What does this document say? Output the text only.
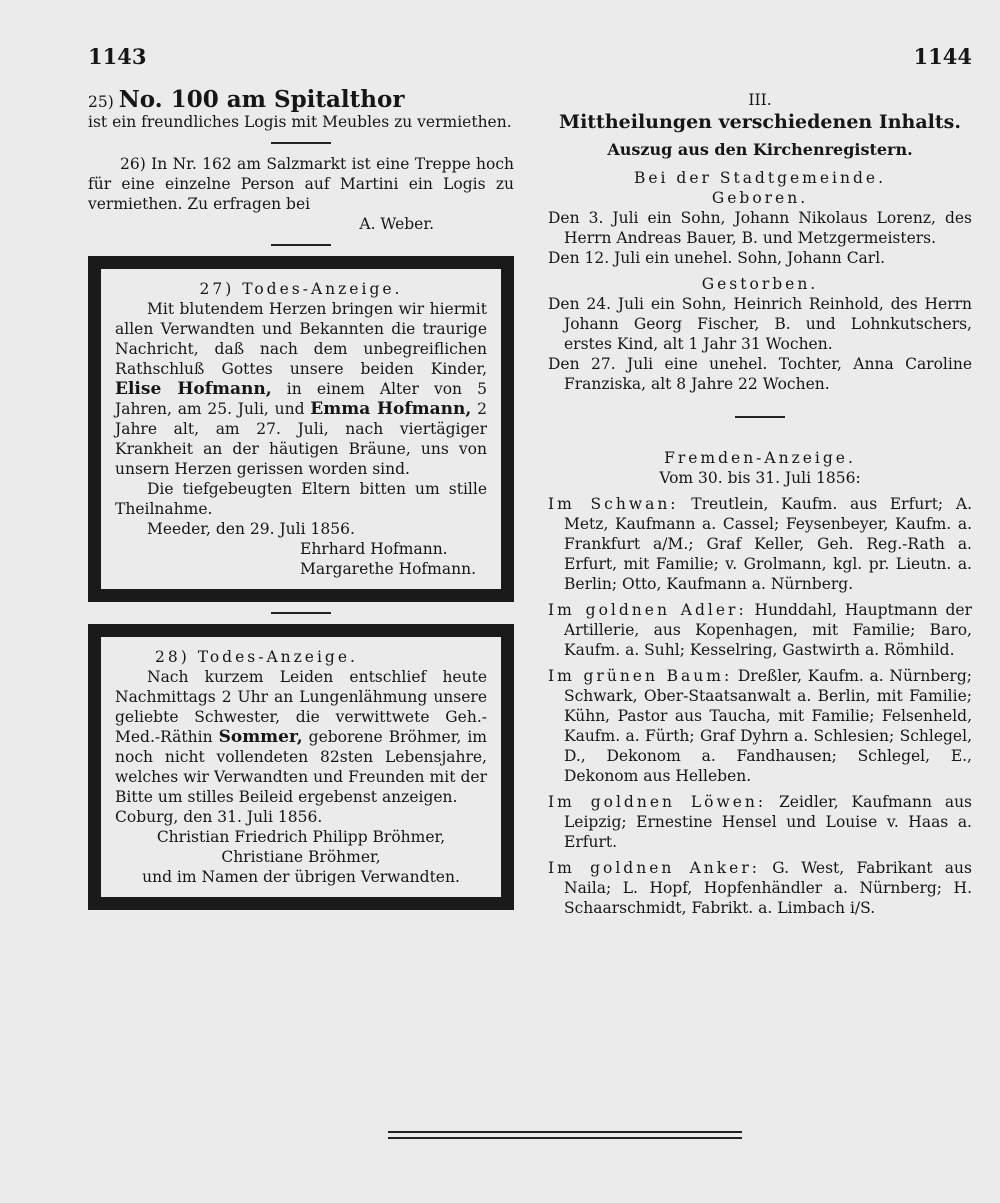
1143	1144

25) No. 100 am Spitalthor

ist ein freundliches Logis mit Meubles zu vermiethen.

26) In Nr. 162 am Salzmarkt ist eine Treppe hoch für eine einzelne Person auf Martini ein Logis zu vermiethen. Zu erfragen bei

A. Weber.

27) Todes-Anzeige.

Mit blutendem Herzen bringen wir hiermit allen Verwandten und Bekannten die traurige Nachricht, daß nach dem unbegreiflichen Rathschluß Gottes unsere beiden Kinder, Elise Hofmann, in einem Alter von 5 Jahren, am 25. Juli, und Emma Hofmann, 2 Jahre alt, am 27. Juli, nach viertägiger Krankheit an der häutigen Bräune, uns von unsern Herzen gerissen worden sind.

Die tiefgebeugten Eltern bitten um stille Theilnahme.

Meeder, den 29. Juli 1856.

Ehrhard Hofmann.

Margarethe Hofmann.

28) Todes-Anzeige.

Nach kurzem Leiden entschlief heute Nachmittags 2 Uhr an Lungenlähmung unsere geliebte Schwester, die verwittwete Geh.-Med.-Räthin Sommer, geborene Bröhmer, im noch nicht vollendeten 82sten Lebensjahre, welches wir Verwandten und Freunden mit der Bitte um stilles Beileid ergebenst anzeigen.

Coburg, den 31. Juli 1856.

Christian Friedrich Philipp Bröhmer,

Christiane Bröhmer,

und im Namen der übrigen Verwandten.

III.

Mittheilungen verschiedenen Inhalts.

Auszug aus den Kirchenregistern.

Bei der Stadtgemeinde.

Geboren.

Den 3. Juli ein Sohn, Johann Nikolaus Lorenz, des Herrn Andreas Bauer, B. und Metzgermeisters.

Den 12. Juli ein unehel. Sohn, Johann Carl.

Gestorben.

Den 24. Juli ein Sohn, Heinrich Reinhold, des Herrn Johann Georg Fischer, B. und Lohnkutschers, erstes Kind, alt 1 Jahr 31 Wochen.

Den 27. Juli eine unehel. Tochter, Anna Caroline Franziska, alt 8 Jahre 22 Wochen.

Fremden-Anzeige.

Vom 30. bis 31. Juli 1856:

Im Schwan: Treutlein, Kaufm. aus Erfurt; A. Metz, Kaufmann a. Cassel; Feysenbeyer, Kaufm. a. Frankfurt a/M.; Graf Keller, Geh. Reg.-Rath a. Erfurt, mit Familie; v. Grolmann, kgl. pr. Lieutn. a. Berlin; Otto, Kaufmann a. Nürnberg.

Im goldnen Adler: Hunddahl, Hauptmann der Artillerie, aus Kopenhagen, mit Familie; Baro, Kaufm. a. Suhl; Kesselring, Gastwirth a. Römhild.

Im grünen Baum: Dreßler, Kaufm. a. Nürnberg; Schwark, Ober-Staatsanwalt a. Berlin, mit Familie; Kühn, Pastor aus Taucha, mit Familie; Felsenheld, Kaufm. a. Fürth; Graf Dyhrn a. Schlesien; Schlegel, D., Dekonom a. Fandhausen; Schlegel, E., Dekonom aus Helleben.

Im goldnen Löwen: Zeidler, Kaufmann aus Leipzig; Ernestine Hensel und Louise v. Haas a. Erfurt.

Im goldnen Anker: G. West, Fabrikant aus Naila; L. Hopf, Hopfenhändler a. Nürnberg; H. Schaarschmidt, Fabrikt. a. Limbach i/S.
